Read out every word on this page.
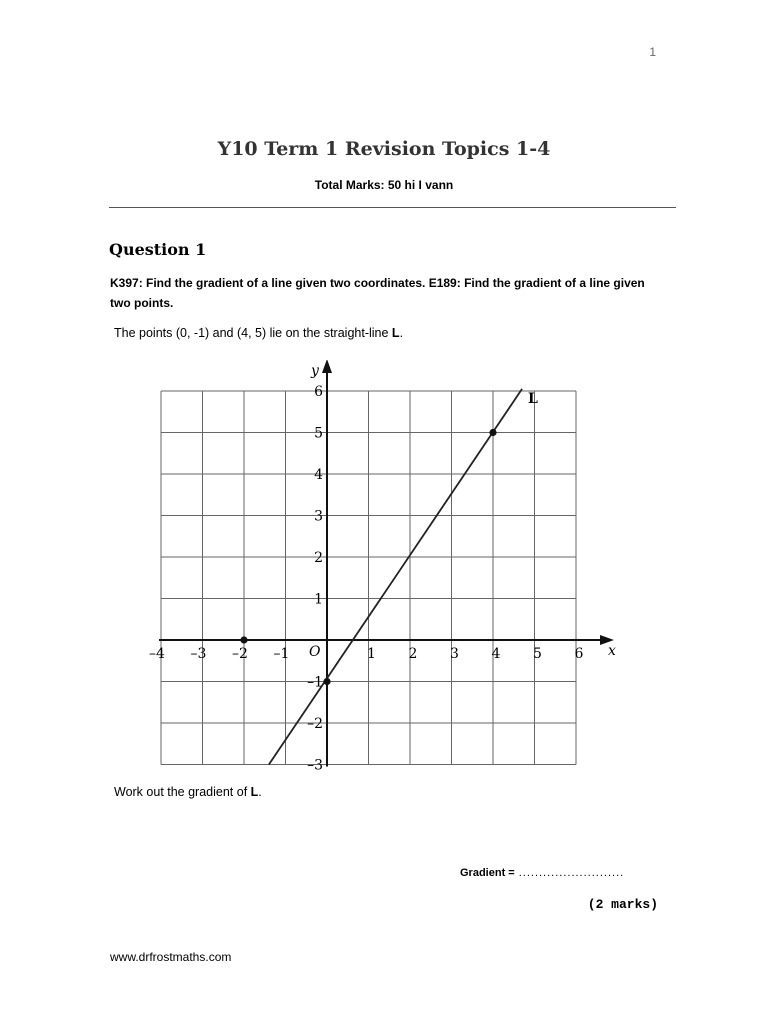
1
Y10 Term 1 Revision Topics 1-4
Total Marks: 50 hi I vann
Question 1
K397: Find the gradient of a line given two coordinates. E189: Find the gradient of a line given two points.
The points (0, -1) and (4, 5) lie on the straight-line L.
x
y
O
–4 –3 –2 –1	1 2 3 4 5 6
–3
–2
–1
1
2
3
4
5
6	L
Work out the gradient of L.
Gradient = ..........................
(2 marks)
www.drfrostmaths.com
